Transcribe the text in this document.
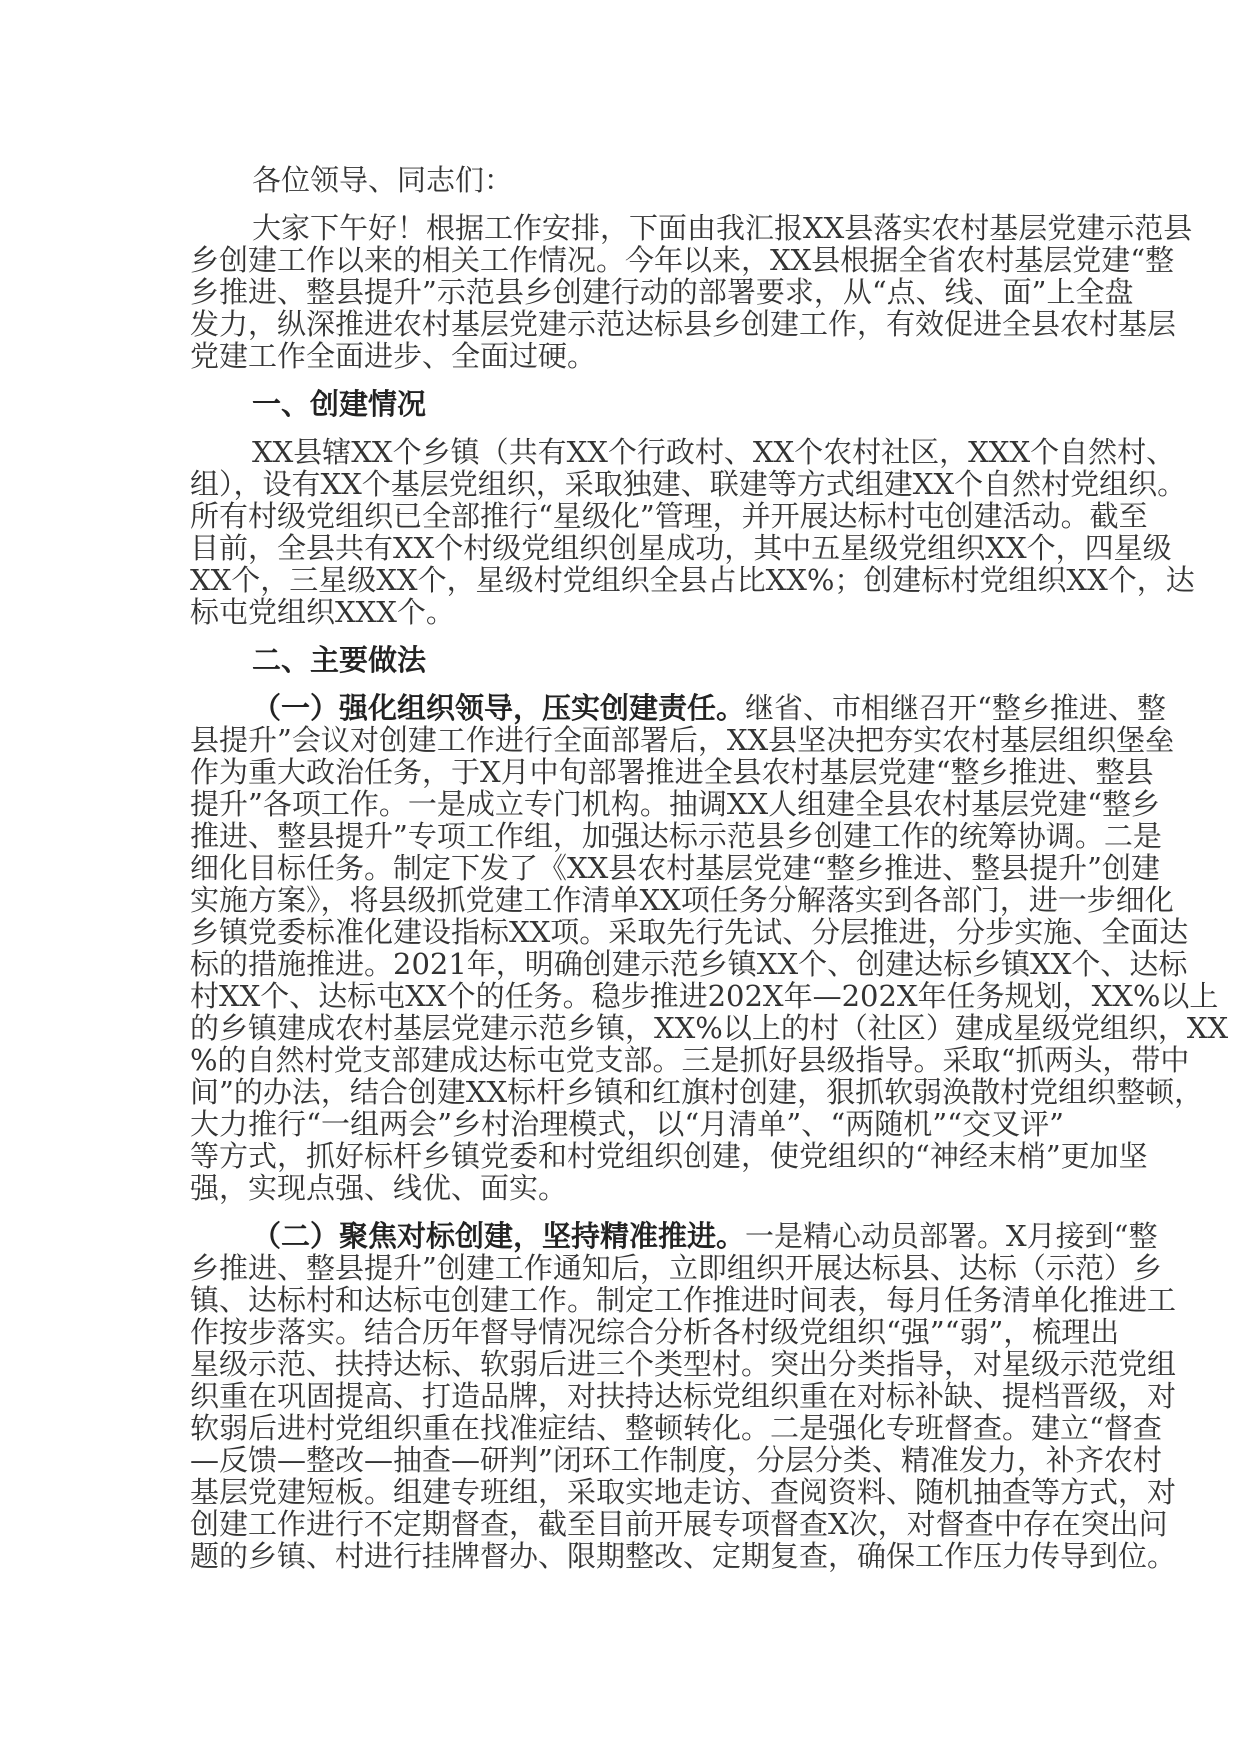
各位领导、同志们：
大家下午好！根据工作安排，下面由我汇报XX县落实农村基层党建示范县
乡创建工作以来的相关工作情况。今年以来，XX县根据全省农村基层党建“整
乡推进、整县提升”示范县乡创建行动的部署要求，从“点、线、面”上全盘
发力，纵深推进农村基层党建示范达标县乡创建工作，有效促进全县农村基层
党建工作全面进步、全面过硬。
一、创建情况
XX县辖XX个乡镇（共有XX个行政村、XX个农村社区，XXX个自然村、
组），设有XX个基层党组织，采取独建、联建等方式组建XX个自然村党组织。
所有村级党组织已全部推行“星级化”管理，并开展达标村屯创建活动。截至
目前，全县共有XX个村级党组织创星成功，其中五星级党组织XX个，四星级
XX个，三星级XX个，星级村党组织全县占比XX%；创建标村党组织XX个，达
标屯党组织XXX个。
二、主要做法
（一）强化组织领导，压实创建责任。继省、市相继召开“整乡推进、整
县提升”会议对创建工作进行全面部署后，XX县坚决把夯实农村基层组织堡垒
作为重大政治任务，于X月中旬部署推进全县农村基层党建“整乡推进、整县
提升”各项工作。一是成立专门机构。抽调XX人组建全县农村基层党建“整乡
推进、整县提升”专项工作组，加强达标示范县乡创建工作的统筹协调。二是
细化目标任务。制定下发了《XX县农村基层党建“整乡推进、整县提升”创建
实施方案》，将县级抓党建工作清单XX项任务分解落实到各部门，进一步细化
乡镇党委标准化建设指标XX项。采取先行先试、分层推进，分步实施、全面达
标的措施推进。2021年，明确创建示范乡镇XX个、创建达标乡镇XX个、达标
村XX个、达标屯XX个的任务。稳步推进202X年—202X年任务规划，XX%以上
的乡镇建成农村基层党建示范乡镇，XX%以上的村（社区）建成星级党组织，XX
%的自然村党支部建成达标屯党支部。三是抓好县级指导。采取“抓两头，带中
间”的办法，结合创建XX标杆乡镇和红旗村创建，狠抓软弱涣散村党组织整顿，
大力推行“一组两会”乡村治理模式，以“月清单”、“两随机”“交叉评”
等方式，抓好标杆乡镇党委和村党组织创建，使党组织的“神经末梢”更加坚
强，实现点强、线优、面实。
（二）聚焦对标创建，坚持精准推进。一是精心动员部署。X月接到“整
乡推进、整县提升”创建工作通知后，立即组织开展达标县、达标（示范）乡
镇、达标村和达标屯创建工作。制定工作推进时间表，每月任务清单化推进工
作按步落实。结合历年督导情况综合分析各村级党组织“强”“弱”，梳理出
星级示范、扶持达标、软弱后进三个类型村。突出分类指导，对星级示范党组
织重在巩固提高、打造品牌，对扶持达标党组织重在对标补缺、提档晋级，对
软弱后进村党组织重在找准症结、整顿转化。二是强化专班督查。建立“督查
—反馈—整改—抽查—研判”闭环工作制度，分层分类、精准发力，补齐农村
基层党建短板。组建专班组，采取实地走访、查阅资料、随机抽查等方式，对
创建工作进行不定期督查，截至目前开展专项督查X次，对督查中存在突出问
题的乡镇、村进行挂牌督办、限期整改、定期复查，确保工作压力传导到位。
